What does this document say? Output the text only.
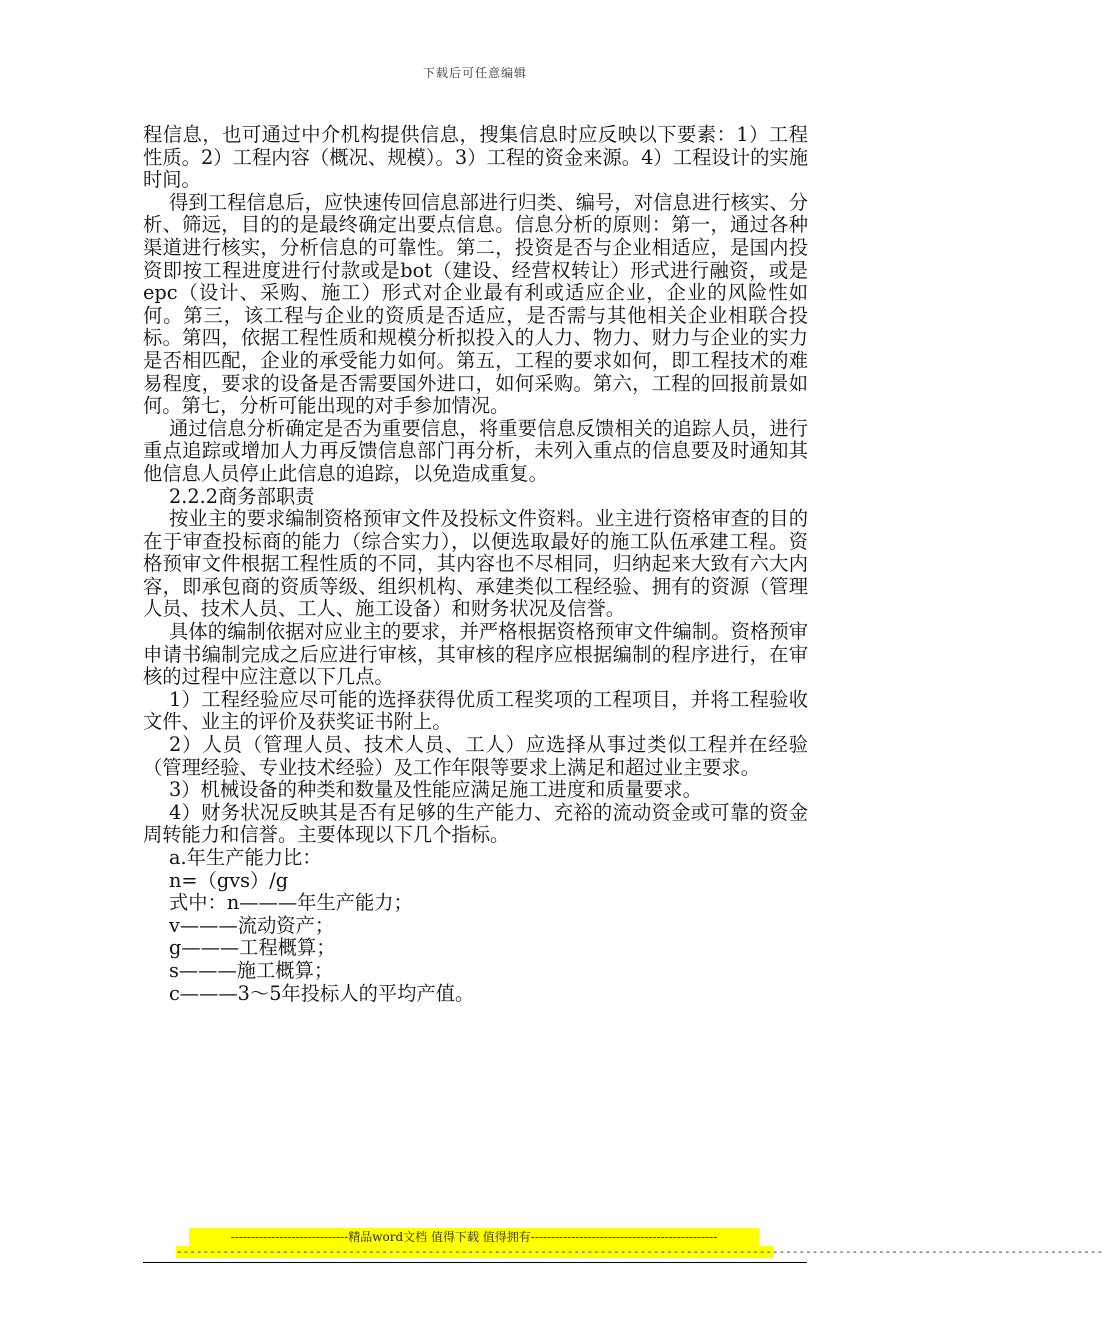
下载后可任意编辑

程信息，也可通过中介机构提供信息，搜集信息时应反映以下要素：1）工程性质。2）工程内容（概况、规模）。3）工程的资金来源。4）工程设计的实施时间。

得到工程信息后，应快速传回信息部进行归类、编号，对信息进行核实、分析、筛远，目的的是最终确定出要点信息。信息分析的原则：第一，通过各种渠道进行核实，分析信息的可靠性。第二，投资是否与企业相适应，是国内投资即按工程进度进行付款或是bot（建设、经营权转让）形式进行融资，或是epc（设计、采购、施工）形式对企业最有利或适应企业，企业的风险性如何。第三，该工程与企业的资质是否适应，是否需与其他相关企业相联合投标。第四，依据工程性质和规模分析拟投入的人力、物力、财力与企业的实力是否相匹配，企业的承受能力如何。第五，工程的要求如何，即工程技术的难易程度，要求的设备是否需要国外进口，如何采购。第六，工程的回报前景如何。第七，分析可能出现的对手参加情况。

通过信息分析确定是否为重要信息，将重要信息反馈相关的追踪人员，进行重点追踪或增加人力再反馈信息部门再分析，未列入重点的信息要及时通知其他信息人员停止此信息的追踪，以免造成重复。

2.2.2商务部职责

按业主的要求编制资格预审文件及投标文件资料。业主进行资格审查的目的在于审查投标商的能力（综合实力），以便选取最好的施工队伍承建工程。资格预审文件根据工程性质的不同，其内容也不尽相同，归纳起来大致有六大内容，即承包商的资质等级、组织机构、承建类似工程经验、拥有的资源（管理人员、技术人员、工人、施工设备）和财务状况及信誉。

具体的编制依据对应业主的要求，并严格根据资格预审文件编制。资格预审申请书编制完成之后应进行审核，其审核的程序应根据编制的程序进行，在审核的过程中应注意以下几点。

1）工程经验应尽可能的选择获得优质工程奖项的工程项目，并将工程验收文件、业主的评价及获奖证书附上。

2）人员（管理人员、技术人员、工人）应选择从事过类似工程并在经验（管理经验、专业技术经验）及工作年限等要求上满足和超过业主要求。

3）机械设备的种类和数量及性能应满足施工进度和质量要求。

4）财务状况反映其是否有足够的生产能力、充裕的流动资金或可靠的资金周转能力和信誉。主要体现以下几个指标。

a.年生产能力比：

n=（gvs）/g

式中：n———年生产能力；

v———流动资产；

g———工程概算；

s———施工概算；

c———3～5年投标人的平均产值。

-----------------------------精品word文档 值得下载 值得拥有----------------------------------------------
--------------------------------------------------------------------------------------------------------------------------------------------
